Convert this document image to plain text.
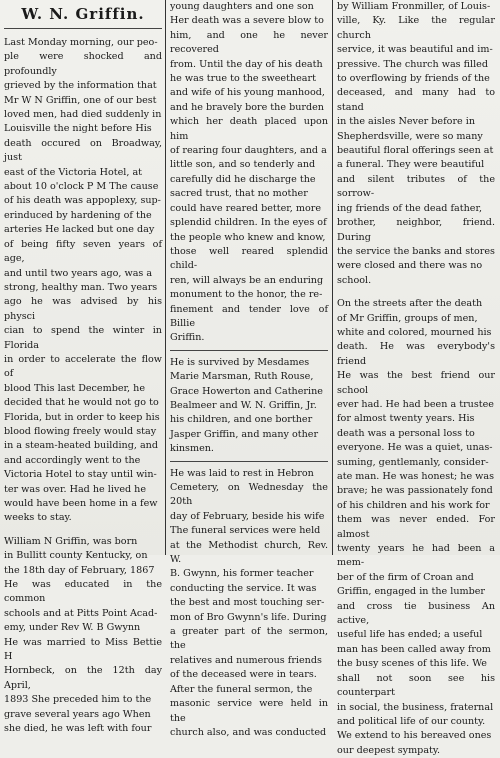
W. N. Griffin.

Last Monday morning, our peo-
ple were shocked and profoundly
grieved by the information that
Mr W N Griffin, one of our best
loved men, had died suddenly in
Louisville the night before His
death occured on Broadway, just
east of the Victoria Hotel, at
about 10 o'clock P M The cause
of his death was appoplexy, sup-
erinduced by hardening of the
arteries He lacked but one day
of being fifty seven years of age,
and until two years ago, was a
strong, healthy man. Two years
ago he was advised by his physci
cian to spend the winter in Florida
in order to accelerate the flow of
blood This last December, he
decided that he would not go to
Florida, but in order to keep his
blood flowing freely would stay
in a steam-heated building, and
and accordingly went to the
Victoria Hotel to stay until win-
ter was over. Had he lived he
would have been home in a few
weeks to stay.

William N Griffin, was born
in Bullitt county Kentucky, on
the 18th day of February, 1867
He was educated in the common
schools and at Pitts Point Acad-
emy, under Rev W. B Gwynn
He was married to Miss Bettie H
Hornbeck, on the 12th day April,
1893 She preceded him to the
grave several years ago When
she died, he was left with four

young daughters and one son
Her death was a severe blow to
him, and one he never recovered
from. Until the day of his death
he was true to the sweetheart
and wife of his young manhood,
and he bravely bore the burden
which her death placed upon him
of rearing four daughters, and a
little son, and so tenderly and
carefully did he discharge the
sacred trust, that no mother
could have reared better, more
splendid children. In the eyes of
the people who knew and know,
those well reared splendid child-
ren, will always be an enduring
monument to the honor, the re-
finement and tender love of Billie
Griffin.

He is survived by Mesdames
Marie Marsman, Ruth Rouse,
Grace Howerton and Catherine
Bealmeer and W. N. Griffin, Jr.
his children, and one borther
Jasper Griffin, and many other
kinsmen.

He was laid to rest in Hebron
Cemetery, on Wednesday the 20th
day of February, beside his wife
The funeral services were held
at the Methodist church, Rev. W.
B. Gwynn, his former teacher
conducting the service. It was
the best and most touching ser-
mon of Bro Gwynn's life. During
a greater part of the sermon, the
relatives and numerous friends
of the deceased were in tears.
After the funeral sermon, the
masonic service were held in the
church also, and was conducted

by William Fronmiller, of Louis-
ville, Ky. Like the regular church
service, it was beautiful and im-
pressive. The church was filled
to overflowing by friends of the
deceased, and many had to stand
in the aisles Never before in
Shepherdsville, were so many
beautiful floral offerings seen at
a funeral. They were beautiful
and silent tributes of the sorrow-
ing friends of the dead father,
brother, neighbor, friend. During
the service the banks and stores
were closed and there was no
school.

On the streets after the death
of Mr Griffin, groups of men,
white and colored, mourned his
death. He was everybody's friend
He was the best friend our school
ever had. He had been a trustee
for almost twenty years. His
death was a personal loss to
everyone. He was a quiet, unas-
suming, gentlemanly, consider-
ate man. He was honest; he was
brave; he was passionately fond
of his children and his work for
them was never ended. For almost
twenty years he had been a mem-
ber of the firm of Croan and
Griffin, engaged in the lumber
and cross tie business An active,
useful life has ended; a useful
man has been called away from
the busy scenes of this life. We
shall not soon see his counterpart
in social, the business, fraternal
and political life of our county.
We extend to his bereaved ones
our deepest sympaty.
